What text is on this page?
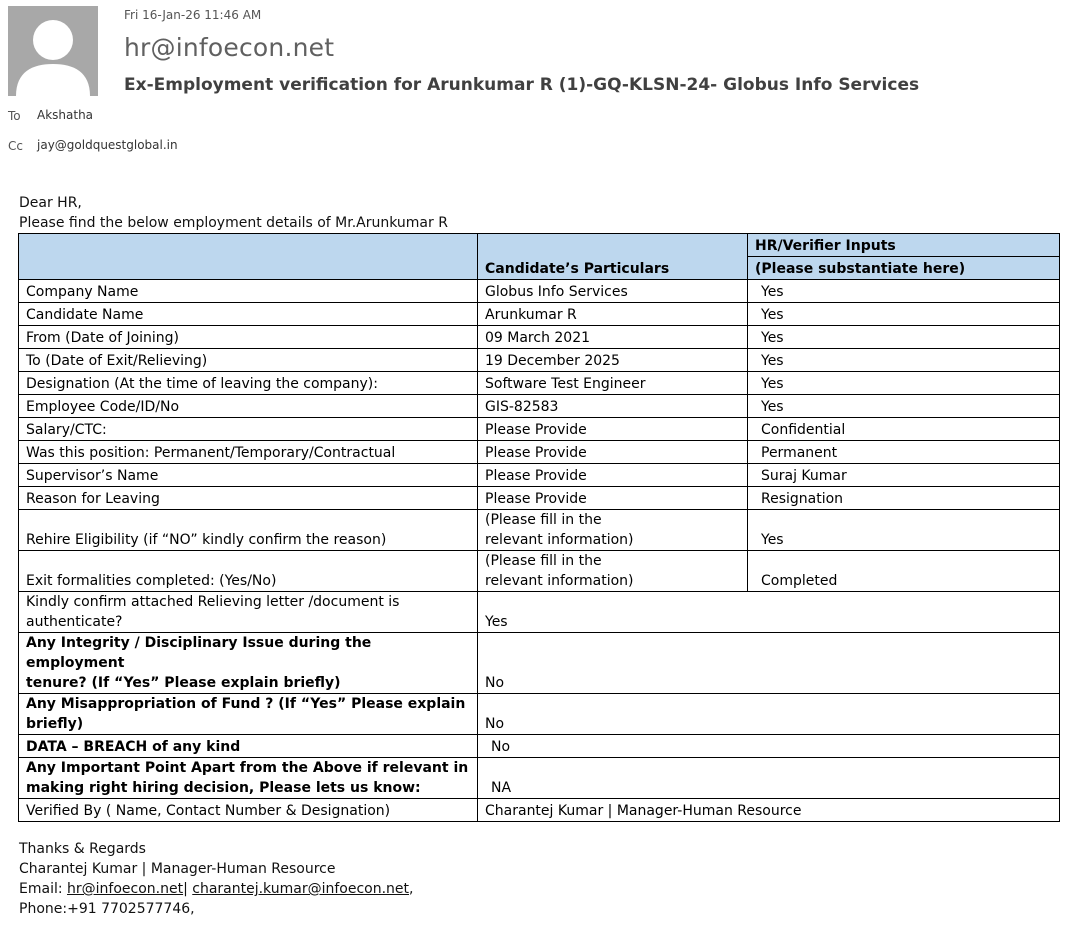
Fri 16-Jan-26 11:46 AM
hr@infoecon.net
Ex-Employment verification for Arunkumar R (1)-GQ-KLSN-24- Globus Info Services
To Akshatha
Cc jay@goldquestglobal.in
Dear HR,
Please find the below employment details of Mr.Arunkumar R
	Candidate’s Particulars	HR/Verifier Inputs
		(Please substantiate here)
Company Name	Globus Info Services	Yes
Candidate Name	Arunkumar R	Yes
From (Date of Joining)	09 March 2021	Yes
To (Date of Exit/Relieving)	19 December 2025	Yes
Designation (At the time of leaving the company):	Software Test Engineer	Yes
Employee Code/ID/No	GIS-82583	Yes
Salary/CTC:	Please Provide	Confidential
Was this position: Permanent/Temporary/Contractual	Please Provide	Permanent
Supervisor’s Name	Please Provide	Suraj Kumar
Reason for Leaving	Please Provide	Resignation
Rehire Eligibility (if “NO” kindly confirm the reason)	(Please fill in the
relevant information)	Yes
Exit formalities completed: (Yes/No)	(Please fill in the
relevant information)	Completed
Kindly confirm attached Relieving letter /document is
authenticate?	Yes	
Any Integrity / Disciplinary Issue during the employment
tenure? (If “Yes” Please explain briefly)	No	
Any Misappropriation of Fund ? (If “Yes” Please explain
briefly)	No	
DATA – BREACH of any kind	No	
Any Important Point Apart from the Above if relevant in
making right hiring decision, Please lets us know:	NA	
Verified By ( Name, Contact Number & Designation)	Charantej Kumar | Manager-Human Resource	
Thanks & Regards
Charantej Kumar | Manager-Human Resource
Email: hr@infoecon.net| charantej.kumar@infoecon.net,
Phone:+91 7702577746,
